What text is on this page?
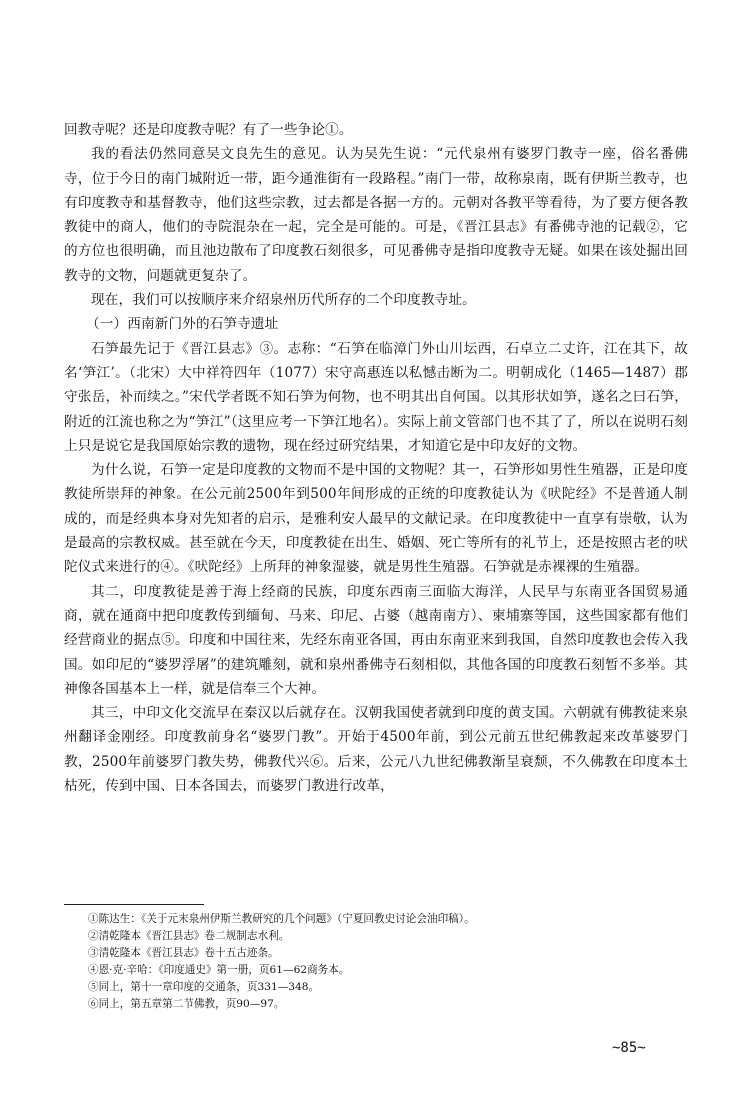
回教寺呢？还是印度教寺呢？有了一些争论①。

我的看法仍然同意吴文良先生的意见。认为吴先生说：“元代泉州有婆罗门教寺一座，俗名番佛寺，位于今日的南门城附近一带，距今通淮街有一段路程。”南门一带，故称泉南，既有伊斯兰教寺，也有印度教寺和基督教寺，他们这些宗教，过去都是各据一方的。元朝对各教平等看待，为了要方便各教教徒中的商人，他们的寺院混杂在一起，完全是可能的。可是，《晋江县志》有番佛寺池的记载②，它的方位也很明确，而且池边散布了印度教石刻很多，可见番佛寺是指印度教寺无疑。如果在该处掘出回教寺的文物，问题就更复杂了。

现在，我们可以按顺序来介绍泉州历代所存的二个印度教寺址。

（一）西南新门外的石笋寺遗址

石笋最先记于《晋江县志》③。志称：“石笋在临漳门外山川坛西，石卓立二丈许，江在其下，故名‘笋江’。（北宋）大中祥符四年（1077）宋守高惠连以私憾击断为二。明朝成化（1465—1487）郡守张岳，补而续之。”宋代学者既不知石笋为何物，也不明其出自何国。以其形状如笋，遂名之曰石笋，附近的江流也称之为“笋江”（这里应考一下笋江地名）。实际上前文管部门也不其了了，所以在说明石刻上只是说它是我国原始宗教的遗物，现在经过研究结果，才知道它是中印友好的文物。

为什么说，石笋一定是印度教的文物而不是中国的文物呢？其一，石笋形如男性生殖器，正是印度教徒所崇拜的神象。在公元前2500年到500年间形成的正统的印度教徒认为《吠陀经》不是普通人制成的，而是经典本身对先知者的启示，是雅利安人最早的文献记录。在印度教徒中一直享有崇敬，认为是最高的宗教权威。甚至就在今天，印度教徒在出生、婚姻、死亡等所有的礼节上，还是按照古老的吠陀仪式来进行的④。《吠陀经》上所拜的神象湿婆，就是男性生殖器。石笋就是赤裸裸的生殖器。

其二，印度教徒是善于海上经商的民族，印度东西南三面临大海洋，人民早与东南亚各国贸易通商，就在通商中把印度教传到缅甸、马来、印尼、占婆（越南南方）、柬埔寨等国，这些国家都有他们经营商业的据点⑤。印度和中国往来，先经东南亚各国，再由东南亚来到我国，自然印度教也会传入我国。如印尼的“婆罗浮屠”的建筑雕刻，就和泉州番佛寺石刻相似，其他各国的印度教石刻暂不多举。其神像各国基本上一样，就是信奉三个大神。

其三，中印文化交流早在秦汉以后就存在。汉朝我国使者就到印度的黄支国。六朝就有佛教徒来泉州翻译金刚经。印度教前身名“婆罗门教”。开始于4500年前，到公元前五世纪佛教起来改革婆罗门教，2500年前婆罗门教失势，佛教代兴⑥。后来，公元八九世纪佛教渐呈衰颓，不久佛教在印度本土枯死，传到中国、日本各国去，而婆罗门教进行改革，

①陈达生：《关于元末泉州伊斯兰教研究的几个问题》（宁夏回教史讨论会油印稿）。
②清乾隆本《晋江县志》卷二规制志水利。
③清乾隆本《晋江县志》卷十五古迹条。
④恩·克·辛哈：《印度通史》第一册，页61—62商务本。
⑤同上，第十一章印度的交通条，页331—348。
⑥同上，第五章第二节佛教，页90—97。
~85~
